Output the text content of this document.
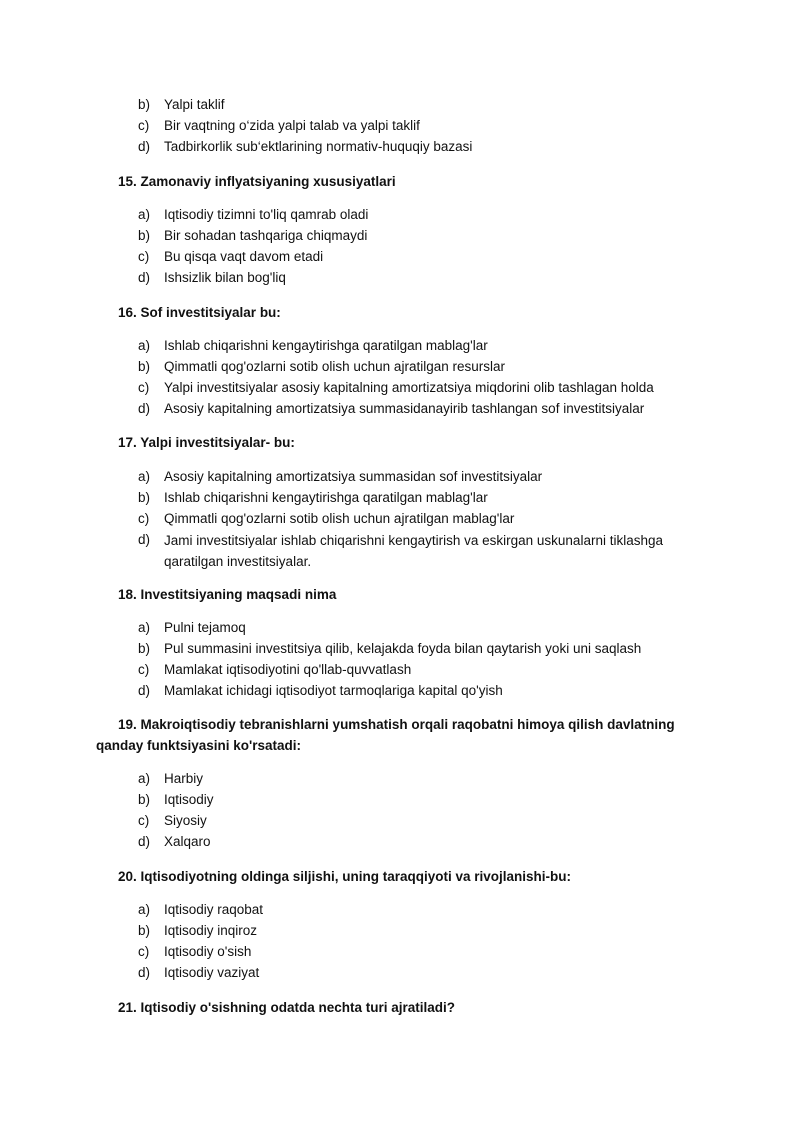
b) Yalpi taklif
c) Bir vaqtning o‘zida yalpi talab va yalpi taklif
d) Tadbirkorlik sub‘ektlarining normativ-huquqiy bazasi
15. Zamonaviy inflyatsiyaning xususiyatlari
a) Iqtisodiy tizimni to'liq qamrab oladi
b) Bir sohadan tashqariga chiqmaydi
c) Bu qisqa vaqt davom etadi
d) Ishsizlik bilan bog'liq
16. Sof investitsiyalar bu:
a) Ishlab chiqarishni kengaytirishga qaratilgan mablag'lar
b) Qimmatli qog'ozlarni sotib olish uchun ajratilgan resurslar
c) Yalpi investitsiyalar asosiy kapitalning amortizatsiya miqdorini olib tashlagan holda
d) Asosiy kapitalning amortizatsiya summasidanayirib tashlangan sof investitsiyalar
17. Yalpi investitsiyalar- bu:
a) Asosiy kapitalning amortizatsiya summasidan sof investitsiyalar
b) Ishlab chiqarishni kengaytirishga qaratilgan mablag'lar
c) Qimmatli qog'ozlarni sotib olish uchun ajratilgan mablag'lar
d) Jami investitsiyalar ishlab chiqarishni kengaytirish va eskirgan uskunalarni tiklashga qaratilgan investitsiyalar.
18. Investitsiyaning maqsadi nima
a) Pulni tejamoq
b) Pul summasini investitsiya qilib, kelajakda foyda bilan qaytarish yoki uni saqlash
c) Mamlakat iqtisodiyotini qo'llab-quvvatlash
d) Mamlakat ichidagi iqtisodiyot tarmoqlariga kapital qo'yish
19. Makroiqtisodiy tebranishlarni yumshatish orqali raqobatni himoya qilish davlatning qanday funktsiyasini ko'rsatadi:
a) Harbiy
b) Iqtisodiy
c) Siyosiy
d) Xalqaro
20. Iqtisodiyotning oldinga siljishi, uning taraqqiyoti va rivojlanishi-bu:
a) Iqtisodiy raqobat
b) Iqtisodiy inqiroz
c) Iqtisodiy o'sish
d) Iqtisodiy vaziyat
21. Iqtisodiy o'sishning odatda nechta turi ajratiladi?
